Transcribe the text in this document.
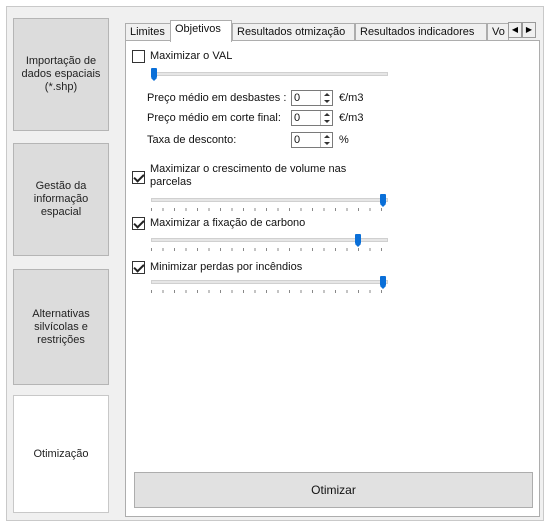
Importação de dados espaciais (*.shp)
Gestão da informação espacial
Alternativas silvícolas e restrições
Otimização
Limites Objetivos	Resultados otmização	Resultados indicadores	Vo ◀ ▶
Maximizar o VAL
Preço médio em desbastes : 0	€/m3
Preço médio em corte final: 0	€/m3
Taxa de desconto:	0	%
Maximizar o crescimento de volume nas parcelas
Maximizar a fixação de carbono
Minimizar perdas por incêndios
Otimizar
